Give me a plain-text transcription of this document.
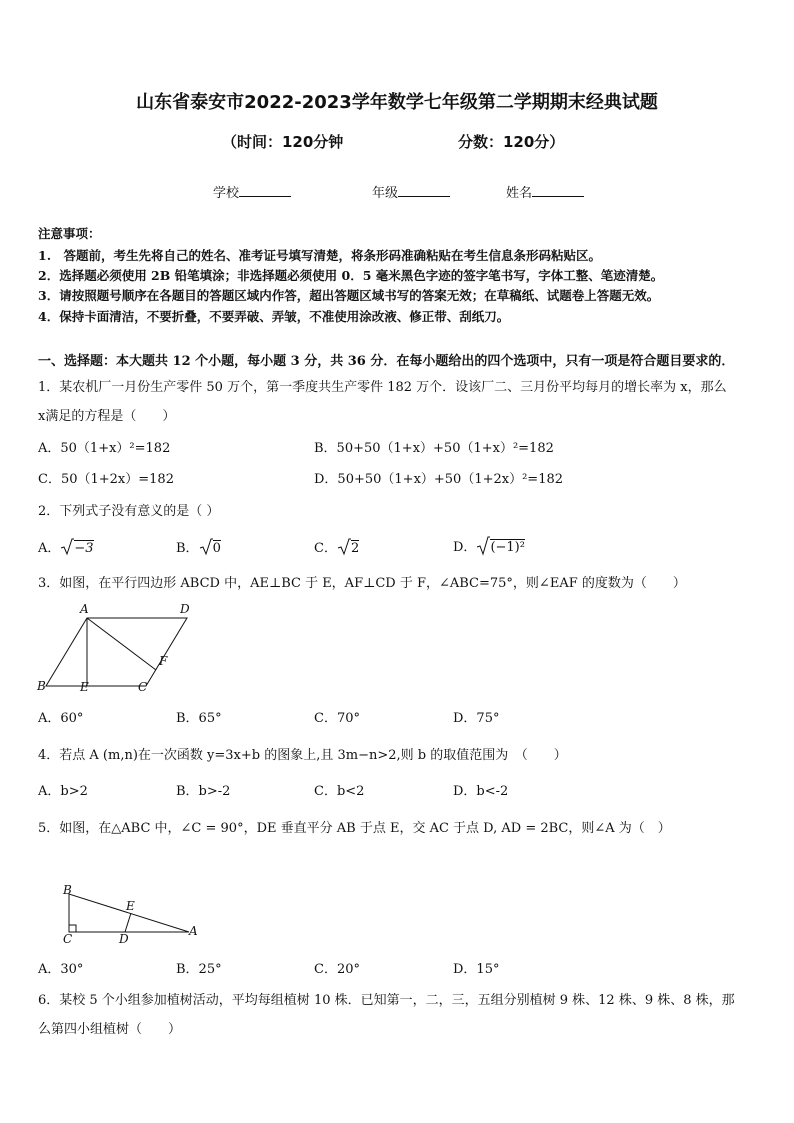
山东省泰安市2022-2023学年数学七年级第二学期期末经典试题
（时间：120分钟	分数：120分）
学校	年级	姓名
注意事项：
1.　答题前，考生先将自己的姓名、准考证号填写清楚，将条形码准确粘贴在考生信息条形码粘贴区。
2．选择题必须使用 2B 铅笔填涂；非选择题必须使用 0．5 毫米黑色字迹的签字笔书写，字体工整、笔迹清楚。
3．请按照题号顺序在各题目的答题区域内作答，超出答题区域书写的答案无效；在草稿纸、试题卷上答题无效。
4．保持卡面清洁，不要折叠，不要弄破、弄皱，不准使用涂改液、修正带、刮纸刀。
一、选择题：本大题共 12 个小题，每小题 3 分，共 36 分．在每小题给出的四个选项中，只有一项是符合题目要求的．
1．某农机厂一月份生产零件 50 万个，第一季度共生产零件 182 万个．设该厂二、三月份平均每月的增长率为 x，那么
x满足的方程是（　　）
A．50（1+x）²=182	B．50+50（1+x）+50（1+x）²=182
C．50（1+2x）=182	D．50+50（1+x）+50（1+2x）²=182
2．下列式子没有意义的是（ ）
A． −3	B． 0	C． 2	D． (−1)²
3．如图，在平行四边形 ABCD 中，AE⊥BC 于 E，AF⊥CD 于 F，∠ABC=75°，则∠EAF 的度数为（　　）
A	D
B	E	C
F
A．60°	B．65°	C．70°	D．75°
4．若点 A (m,n)在一次函数 y=3x+b 的图象上,且 3m−n>2,则 b 的取值范围为　（　　）
A．b>2	B．b>-2	C．b<2	D．b<-2
5．如图，在△ABC 中，∠C = 90°，DE 垂直平分 AB 于点 E，交 AC 于点 D, AD = 2BC，则∠A 为（　）
B
E
C	D
A
A．30°	B．25°	C．20°	D．15°
6．某校 5 个小组参加植树活动，平均每组植树 10 株．已知第一，二，三，五组分别植树 9 株、12 株、9 株、8 株，那
么第四小组植树（　　）
